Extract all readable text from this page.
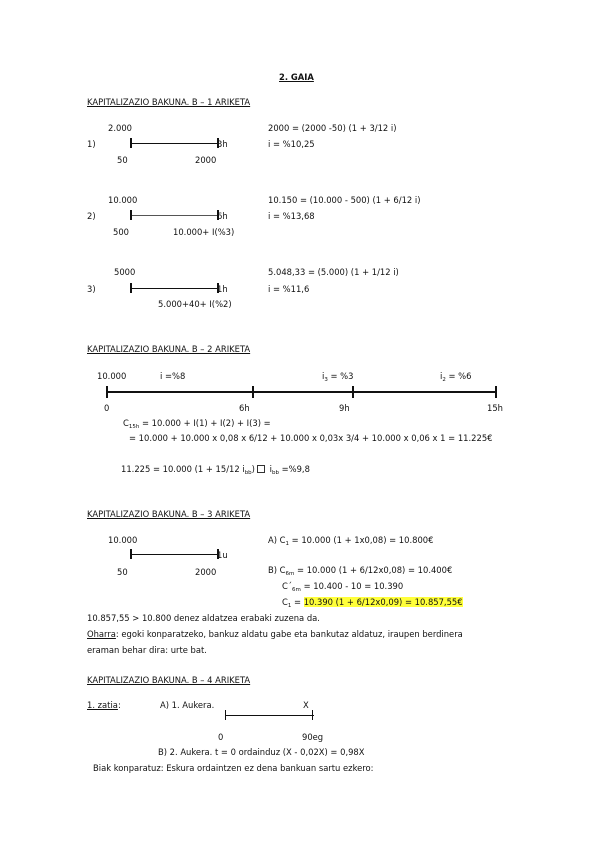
2. GAIA
KAPITALIZAZIO BAKUNA. B – 1 ARIKETA
1)
2.000
3h
50	2000
2000 = (2000 -50) (1 + 3/12 i)
i = %10,25
2)
10.000
6h
500	10.000+ I(%3)
10.150 = (10.000 - 500) (1 + 6/12 i)
i = %13,68
3)
5000
1h
5.000+40+ I(%2)
5.048,33 = (5.000) (1 + 1/12 i)
i = %11,6
KAPITALIZAZIO BAKUNA. B – 2 ARIKETA
10.000	i =%8	$i_3 = \%3$	$i_2 = \%6$
0	6h	9h	15h
$C_{15h} = 10.000 + I(1) + I(2) + I(3)$ =
= 10.000 + 10.000 x 0,08 x 6/12 + 10.000 x 0,03x 3/4 + 10.000 x 0,06 x 1 = 11.225€
11.225 = 10.000 (1 + 15/12 $i_{bb}$) $i_{bb} =\%9,8$
KAPITALIZAZIO BAKUNA. B – 3 ARIKETA
10.000
1u
50	2000
A) $C_1 = 10.000$ (1 + 1x0,08) = 10.800€
B) $C_{6m} = 10.000$ (1 + 6/12x0,08) = 10.400€
$C´_{6m} = 10.400 - 10 = 10.390$
$C_1 = 10.390$ (1 + 6/12x0,09) = 10.857,55€
10.857,55 > 10.800 denez aldatzea erabaki zuzena da.
Oharra: egoki konparatzeko, bankuz aldatu gabe eta bankutaz aldatuz, iraupen berdinera
eraman behar dira: urte bat.
KAPITALIZAZIO BAKUNA. B – 4 ARIKETA
1. zatia:	A) 1. Aukera.	X
0	90eg
B) 2. Aukera. t = 0 ordainduz (X - 0,02X) = 0,98X
Biak konparatuz: Eskura ordaintzen ez dena bankuan sartu ezkero:
